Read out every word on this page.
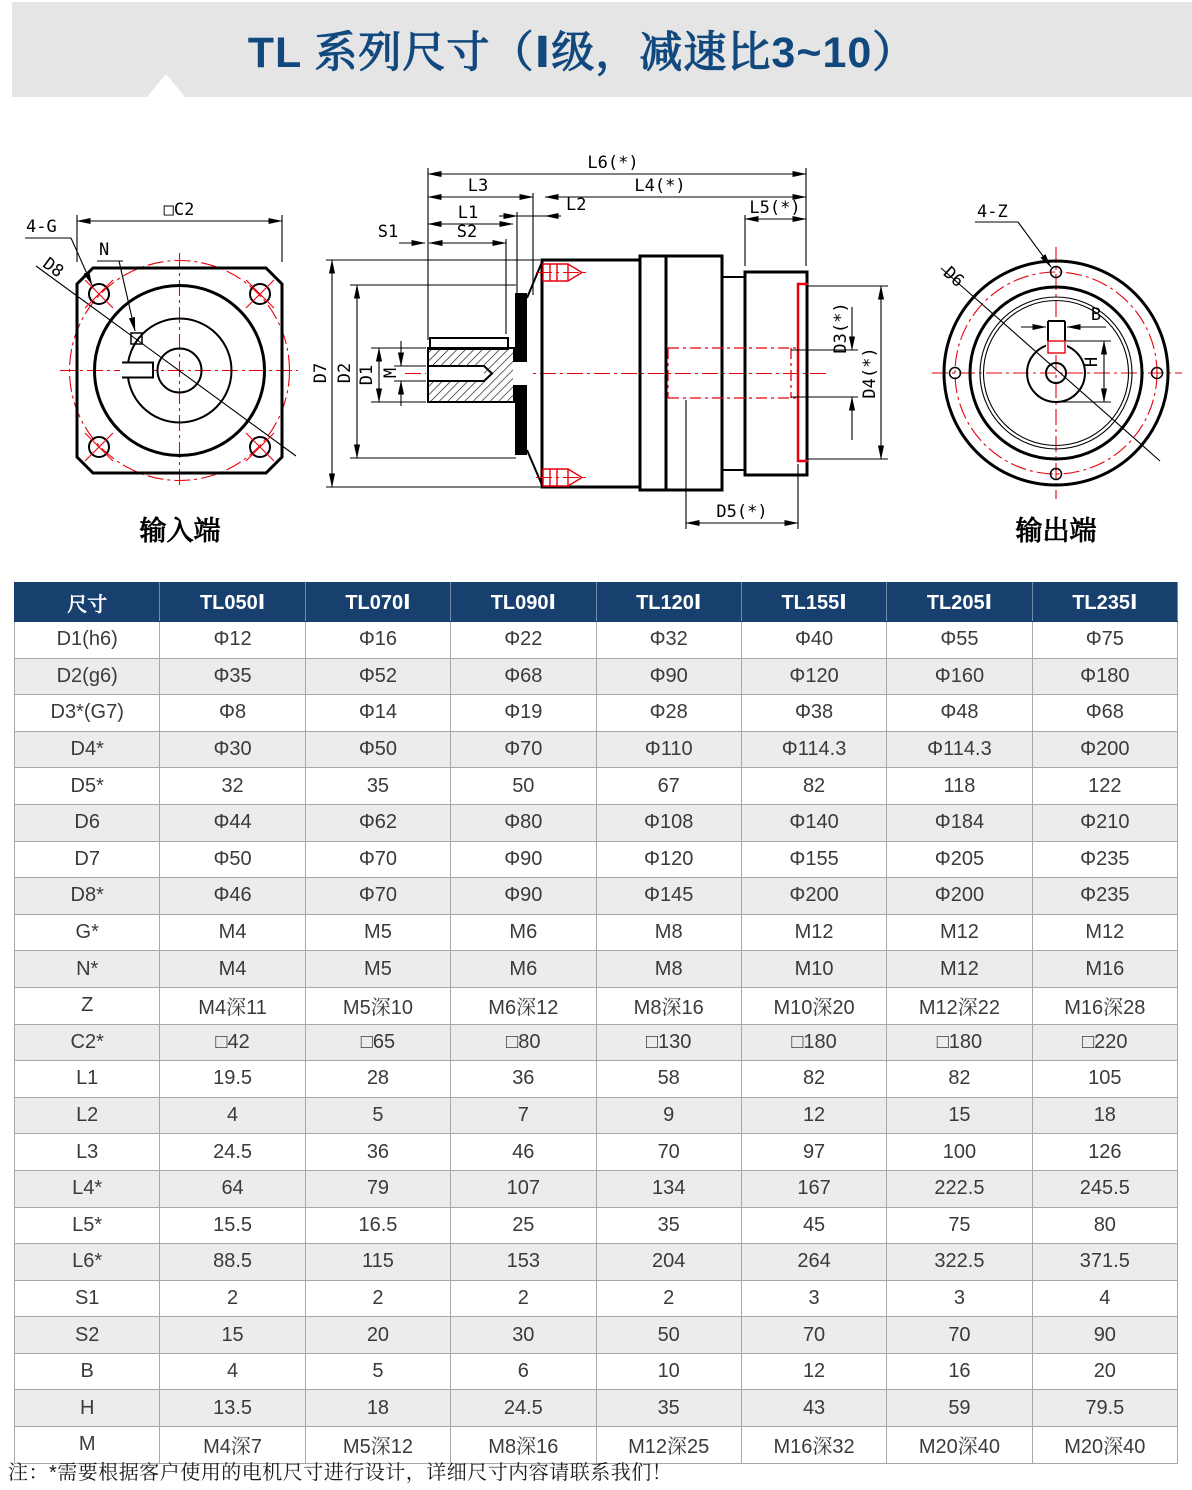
TL 系列尺寸（Ⅰ级，减速比3~10）
□C2
4-G
N
D8
输入端
L6(*)
L3	L4(*)
L2
L1
S1	S2
L5(*)
D5(*)
D7 D2 D1 M
D3(*)
D4(*)
4-Z
D6
B
H
输出端
尺寸	TL050Ⅰ	TL070Ⅰ	TL090Ⅰ	TL120Ⅰ	TL155Ⅰ	TL205Ⅰ	TL235Ⅰ
D1(h6)	Φ12	Φ16	Φ22	Φ32	Φ40	Φ55	Φ75
D2(g6)	Φ35	Φ52	Φ68	Φ90	Φ120	Φ160	Φ180
D3*(G7)	Φ8	Φ14	Φ19	Φ28	Φ38	Φ48	Φ68
D4*	Φ30	Φ50	Φ70	Φ110	Φ114.3	Φ114.3	Φ200
D5*	32	35	50	67	82	118	122
D6	Φ44	Φ62	Φ80	Φ108	Φ140	Φ184	Φ210
D7	Φ50	Φ70	Φ90	Φ120	Φ155	Φ205	Φ235
D8*	Φ46	Φ70	Φ90	Φ145	Φ200	Φ200	Φ235
G*	M4	M5	M6	M8	M12	M12	M12
N*	M4	M5	M6	M8	M10	M12	M16
Z	M4深11	M5深10	M6深12	M8深16	M10深20	M12深22	M16深28
C2*	□42	□65	□80	□130	□180	□180	□220
L1	19.5	28	36	58	82	82	105
L2	4	5	7	9	12	15	18
L3	24.5	36	46	70	97	100	126
L4*	64	79	107	134	167	222.5	245.5
L5*	15.5	16.5	25	35	45	75	80
L6*	88.5	115	153	204	264	322.5	371.5
S1	2	2	2	2	3	3	4
S2	15	20	30	50	70	70	90
B	4	5	6	10	12	16	20
H	13.5	18	24.5	35	43	59	79.5
M	M4深7	M5深12	M8深16	M12深25	M16深32	M20深40	M20深40
注：*需要根据客户使用的电机尺寸进行设计，详细尺寸内容请联系我们！
